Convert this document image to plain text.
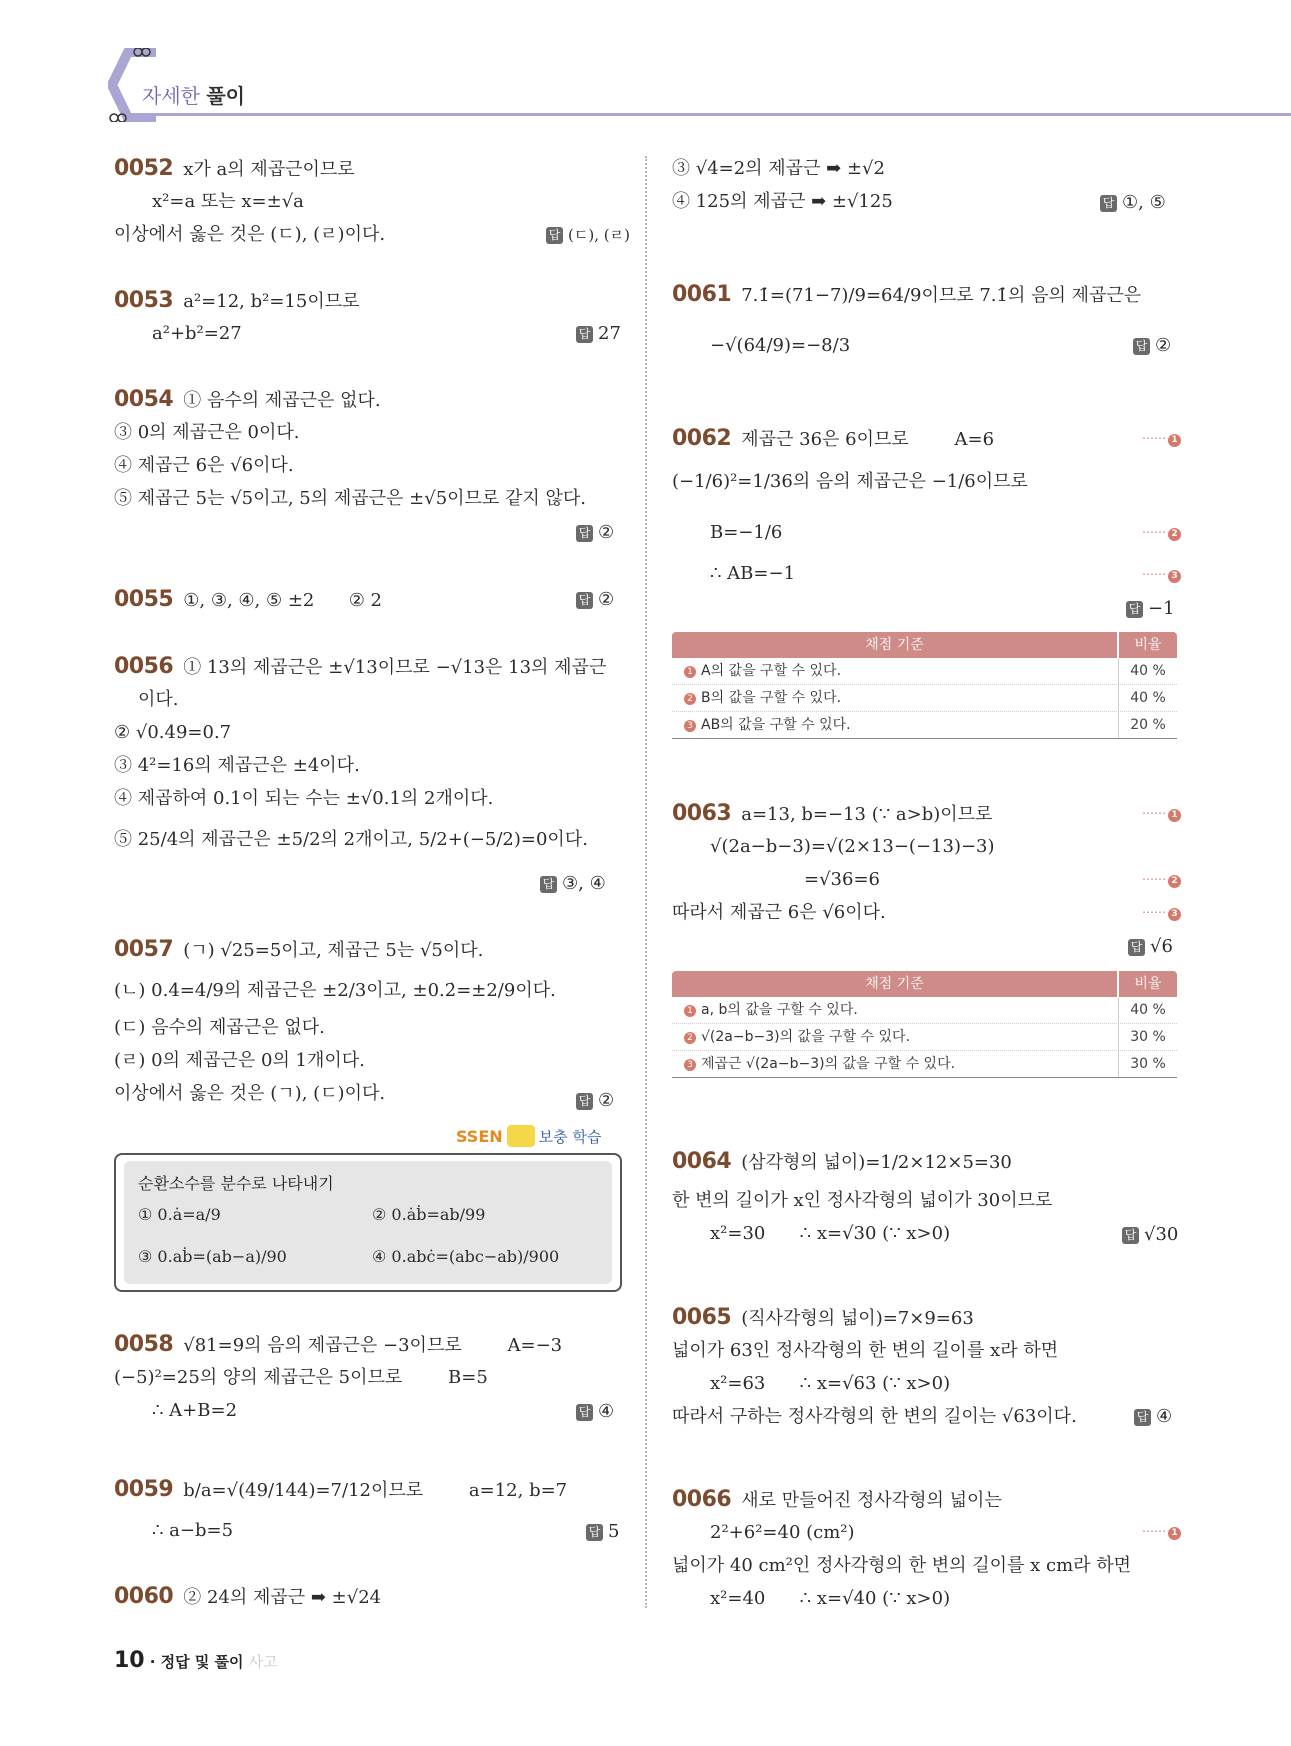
자세한 풀이
0052 x가 a의 제곱근이므로
x²=a 또는 x=±√a
이상에서 옳은 것은 (ㄷ), (ㄹ)이다.	답 (ㄷ), (ㄹ)
0053 a²=12, b²=15이므로
a²+b²=27	답 27
0054 ① 음수의 제곱근은 없다.
③ 0의 제곱근은 0이다.
④ 제곱근 6은 √6이다.
⑤ 제곱근 5는 √5이고, 5의 제곱근은 ±√5이므로 같지 않다.
답 ②
0055 ①, ③, ④, ⑤ ±2      ② 2	답 ②
0056 ① 13의 제곱근은 ±√13이므로 −√13은 13의 제곱근
이다.
② √0.49=0.7
③ 4²=16의 제곱근은 ±4이다.
④ 제곱하여 0.1이 되는 수는 ±√0.1의 2개이다.
⑤ 25/4의 제곱근은 ±5/2의 2개이고, 5/2+(−5/2)=0이다.
답 ③, ④
0057 (ㄱ) √25=5이고, 제곱근 5는 √5이다.
(ㄴ) 0.4̇=4/9의 제곱근은 ±2/3이고, ±0.2̇=±2/9이다.
(ㄷ) 음수의 제곱근은 없다.
(ㄹ) 0의 제곱근은 0의 1개이다.
이상에서 옳은 것은 (ㄱ), (ㄷ)이다.	답 ②
SSEN 보충 학습
순환소수를 분수로 나타내기
① 0.ȧ=a/9	② 0.ȧḃ=ab/99
③ 0.aḃ=(ab−a)/90	④ 0.abċ=(abc−ab)/900
0058 √81=9의 음의 제곱근은 −3이므로        A=−3
(−5)²=25의 양의 제곱근은 5이므로        B=5
∴ A+B=2	답 ④
0059 b/a=√(49/144)=7/12이므로        a=12, b=7
∴ a−b=5	답 5
0060 ② 24의 제곱근 ➡ ±√24
③ √4=2의 제곱근 ➡ ±√2
④ 125의 제곱근 ➡ ±√125	답 ①, ⑤
0061 7.1̇=(71−7)/9=64/9이므로 7.1̇의 음의 제곱근은
−√(64/9)=−8/3	답 ②
0062 제곱근 36은 6이므로        A=6
(−1/6)²=1/36의 음의 제곱근은 −1/6이므로
B=−1/6
∴ AB=−1
⋯⋯ 1
⋯⋯ 2
⋯⋯ 3
답 −1
채점 기준	비율
1 A의 값을 구할 수 있다.	40 %
2 B의 값을 구할 수 있다.	40 %
3 AB의 값을 구할 수 있다.	20 %
0063 a=13, b=−13 (∵ a>b)이므로
√(2a−b−3)=√(2×13−(−13)−3)
=√36=6
따라서 제곱근 6은 √6이다.
⋯⋯ 1
⋯⋯ 2
⋯⋯ 3
답 √6
채점 기준	비율
1 a, b의 값을 구할 수 있다.	40 %
2 √(2a−b−3)의 값을 구할 수 있다.	30 %
3 제곱근 √(2a−b−3)의 값을 구할 수 있다.	30 %
0064 (삼각형의 넓이)=1/2×12×5=30
한 변의 길이가 x인 정사각형의 넓이가 30이므로
x²=30      ∴ x=√30 (∵ x>0)	답 √30
0065 (직사각형의 넓이)=7×9=63
넓이가 63인 정사각형의 한 변의 길이를 x라 하면
x²=63      ∴ x=√63 (∵ x>0)
따라서 구하는 정사각형의 한 변의 길이는 √63이다.	답 ④
0066 새로 만들어진 정사각형의 넓이는
2²+6²=40 (cm²)
넓이가 40 cm²인 정사각형의 한 변의 길이를 x cm라 하면
x²=40      ∴ x=√40 (∵ x>0)
⋯⋯ 1
10 · 정답 및 풀이 사고
